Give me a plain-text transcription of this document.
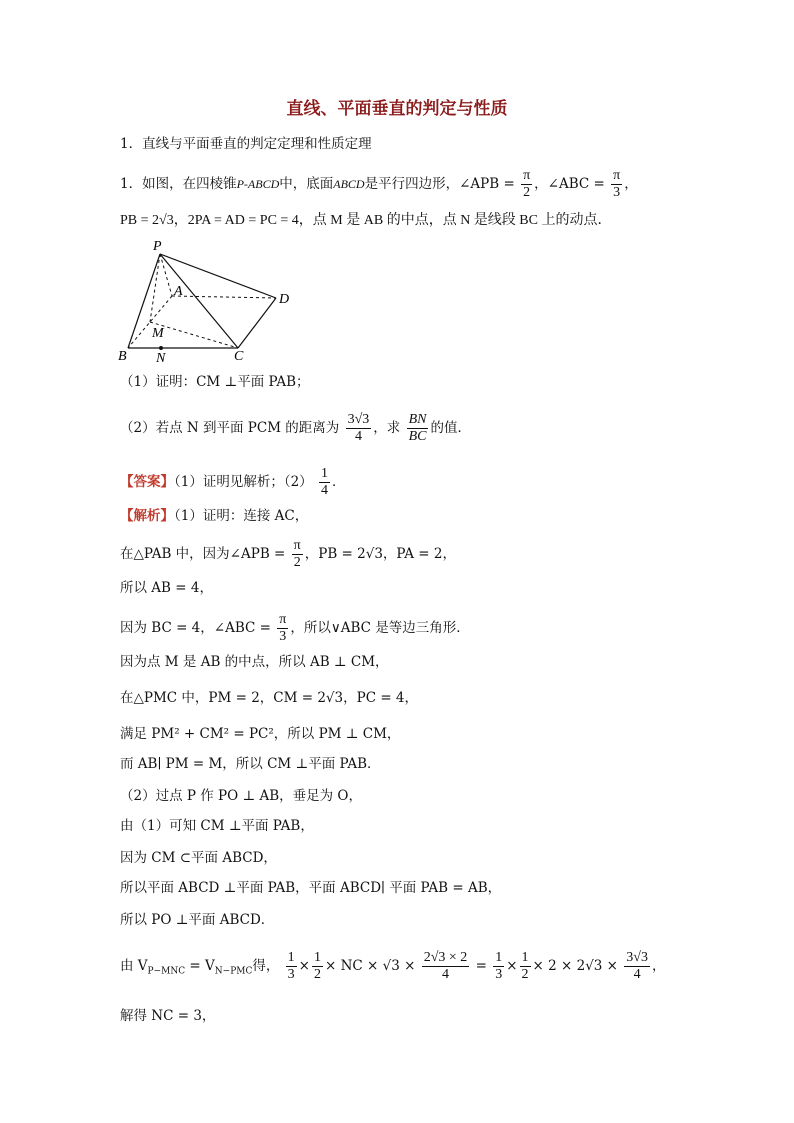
直线、平面垂直的判定与性质
1．直线与平面垂直的判定定理和性质定理
1．如图，在四棱锥P-ABCD中，底面ABCD是平行四边形，∠APB = $\frac{\pi}{2}$ ，∠ABC = $\frac{\pi}{3}$ ，
PB = 2√3，2PA = AD = PC = 4，点 M 是 AB 的中点，点 N 是线段 BC 上的动点．
P
A
D
M
B N	C
（1）证明：CM ⊥平面 PAB；
（2）若点 N 到平面 PCM 的距离为 $\frac{3√3}{4}$ ，求 $\frac{BN}{BC}$ 的值．
【答案】（1）证明见解析；$(2) \frac{1}{4}$ ．
【解析】（1）证明：连接 AC，
在△PAB 中，因为∠APB = $\frac{\pi}{2}$ ，PB = 2√3，PA = 2，
所以 AB = 4，
因为 BC = 4，∠ABC = $\frac{\pi}{3}$ ，所以∨ABC 是等边三角形．
因为点 M 是 AB 的中点，所以 AB ⊥ CM，
在△PMC 中，PM = 2，CM = 2√3，PC = 4，
满足 PM² + CM² = PC²，所以 PM ⊥ CM，
而 AB∣ PM = M，所以 CM ⊥平面 PAB．
（2）过点 P 作 PO ⊥ AB，垂足为 O，
由（1）可知 CM ⊥平面 PAB，
因为 CM ⊂平面 ABCD，
所以平面 ABCD ⊥平面 PAB，平面 ABCD∣ 平面 PAB = AB，
所以 PO ⊥平面 ABCD．
由 $V_{P-MNC} = V_{N-PMC}$得， $\frac{1}{3} \times \frac{1}{2}$ × NC × $√3 \times \frac{2√3 \times 2}{4} = \frac{1}{3} \times \frac{1}{2} \times 2 \times 2√3 \times \frac{3√3}{4}$ ，
解得 NC = 3，
